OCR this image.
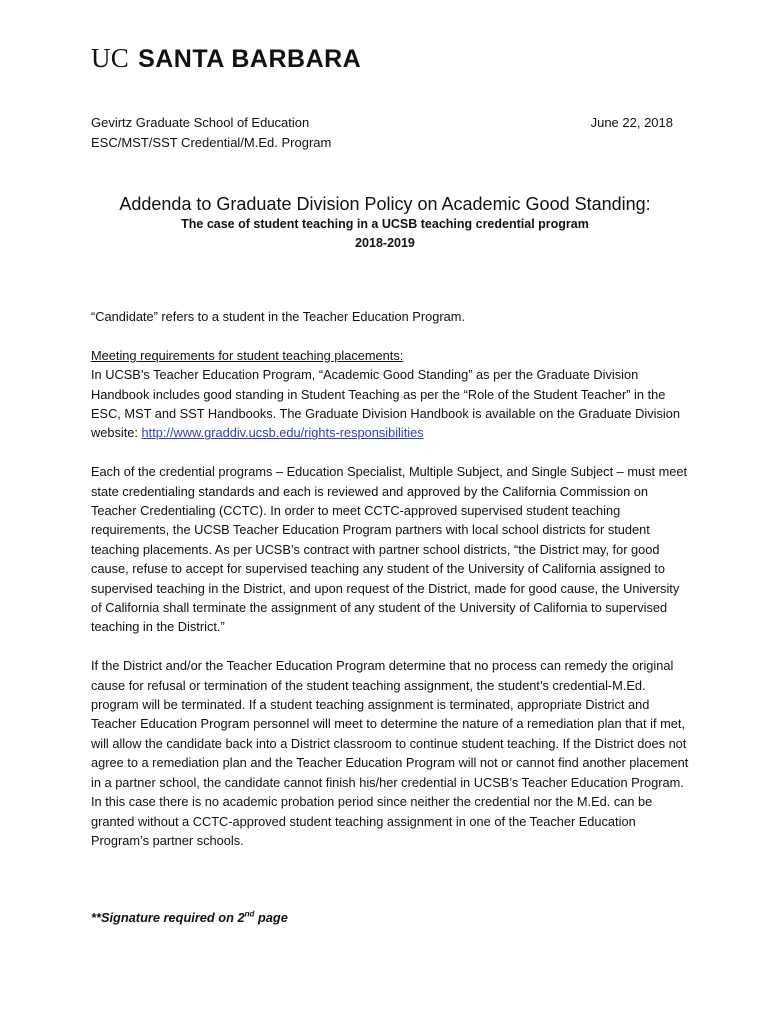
UC SANTA BARBARA
Gevirtz Graduate School of Education
ESC/MST/SST Credential/M.Ed. Program
June 22, 2018
Addenda to Graduate Division Policy on Academic Good Standing:
The case of student teaching in a UCSB teaching credential program
2018-2019

“Candidate” refers to a student in the Teacher Education Program.

Meeting requirements for student teaching placements:

In UCSB’s Teacher Education Program, “Academic Good Standing” as per the Graduate Division Handbook includes good standing in Student Teaching as per the “Role of the Student Teacher” in the ESC, MST and SST Handbooks. The Graduate Division Handbook is available on the Graduate Division website: http://www.graddiv.ucsb.edu/rights-responsibilities

Each of the credential programs – Education Specialist, Multiple Subject, and Single Subject – must meet state credentialing standards and each is reviewed and approved by the California Commission on Teacher Credentialing (CCTC). In order to meet CCTC-approved supervised student teaching requirements, the UCSB Teacher Education Program partners with local school districts for student teaching placements. As per UCSB’s contract with partner school districts, “the District may, for good cause, refuse to accept for supervised teaching any student of the University of California assigned to supervised teaching in the District, and upon request of the District, made for good cause, the University of California shall terminate the assignment of any student of the University of California to supervised teaching in the District.”

If the District and/or the Teacher Education Program determine that no process can remedy the original cause for refusal or termination of the student teaching assignment, the student’s credential-M.Ed. program will be terminated. If a student teaching assignment is terminated, appropriate District and Teacher Education Program personnel will meet to determine the nature of a remediation plan that if met, will allow the candidate back into a District classroom to continue student teaching. If the District does not agree to a remediation plan and the Teacher Education Program will not or cannot find another placement in a partner school, the candidate cannot finish his/her credential in UCSB’s Teacher Education Program. In this case there is no academic probation period since neither the credential nor the M.Ed. can be granted without a CCTC-approved student teaching assignment in one of the Teacher Education Program’s partner schools.

**Signature required on 2nd page
